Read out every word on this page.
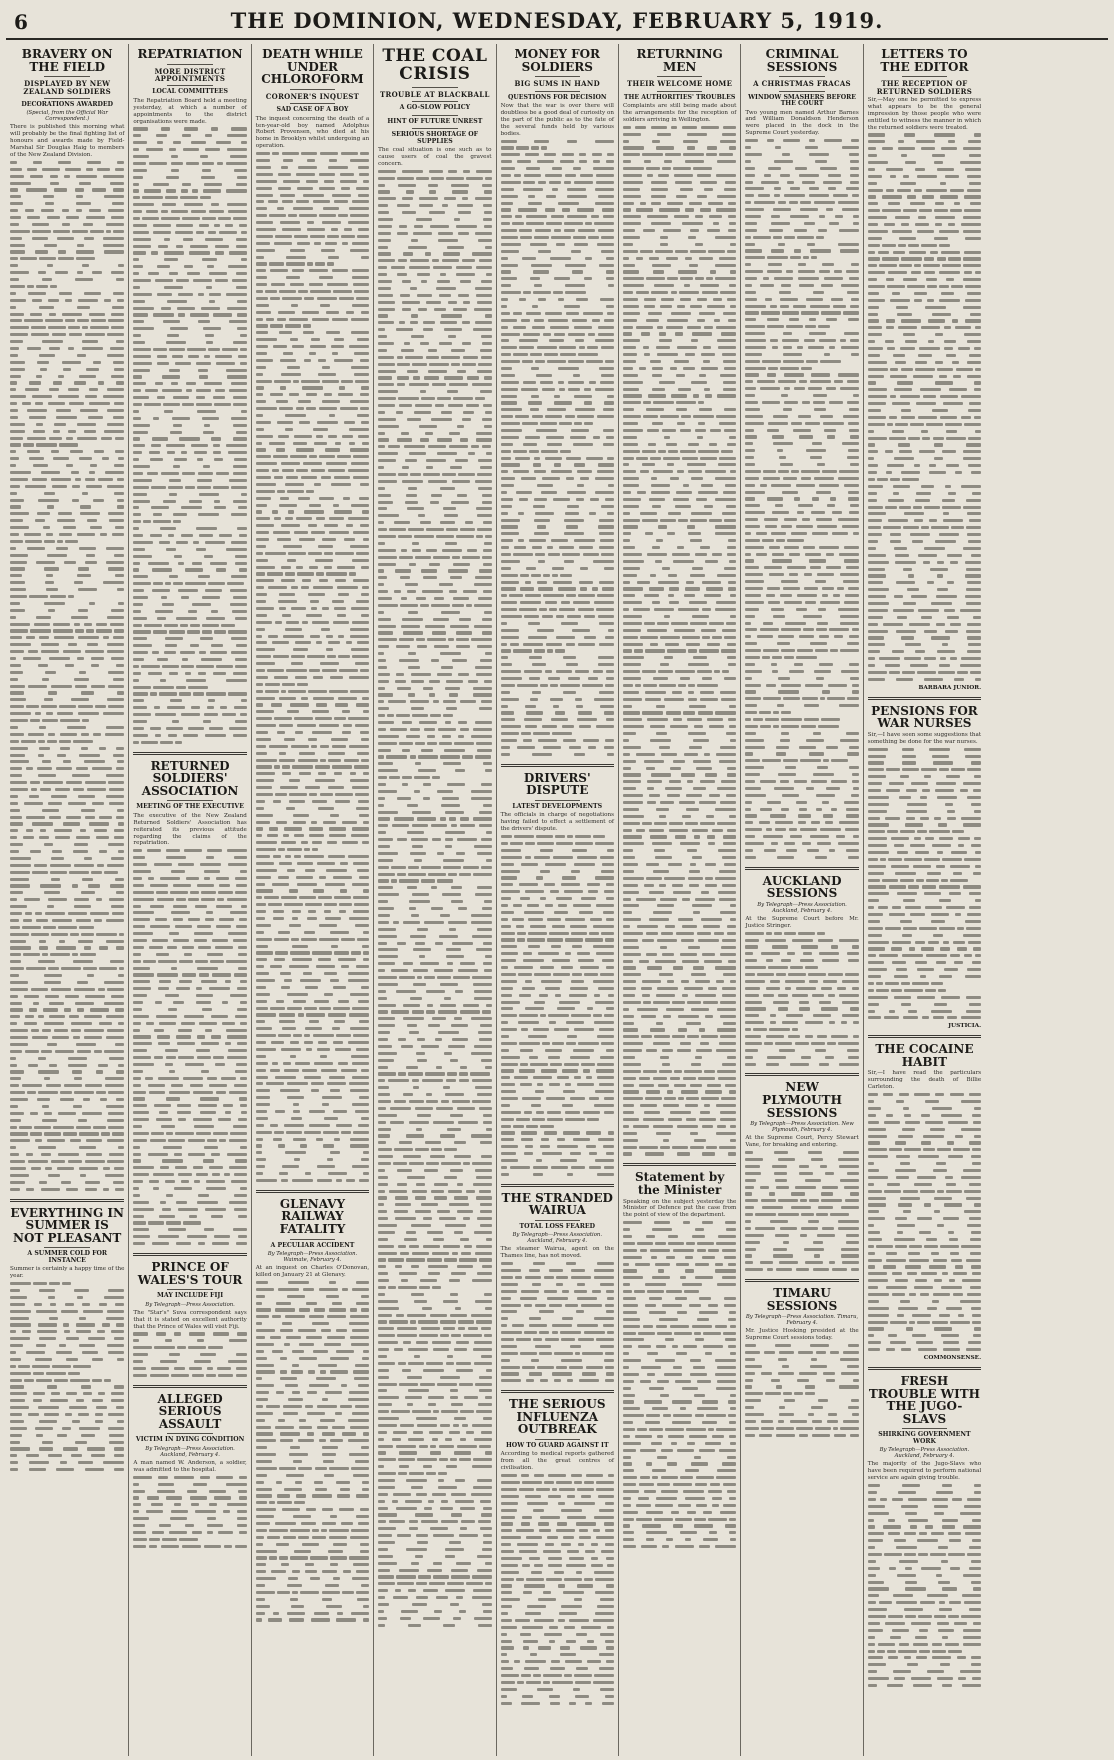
6	THE DOMINION, WEDNESDAY, FEBRUARY 5, 1919.
BRAVERY ON THE FIELD
DISPLAYED BY NEW ZEALAND SOLDIERS
DECORATIONS AWARDED
(Special, from the Official War Correspondent.)
There is published this morning what will probably be the final fighting list of honours and awards made by Field-Marshal Sir Douglas Haig to members of the New Zealand Division.
EVERYTHING IN SUMMER IS NOT PLEASANT
A SUMMER COLD FOR INSTANCE
Summer is certainly a happy time of the year.
REPATRIATION
MORE DISTRICT APPOINTMENTS
LOCAL COMMITTEES
The Repatriation Board held a meeting yesterday, at which a number of appointments to the district organisations were made.
RETURNED SOLDIERS' ASSOCIATION
MEETING OF THE EXECUTIVE
The executive of the New Zealand Returned Soldiers' Association has reiterated its previous attitude regarding the claims of the repatriation.
PRINCE OF WALES'S TOUR
MAY INCLUDE FIJI
By Telegraph—Press Association.
The "Star's" Suva correspondent says that it is stated on excellent authority that the Prince of Wales will visit Fiji.
ALLEGED SERIOUS ASSAULT
VICTIM IN DYING CONDITION
By Telegraph—Press Association. Auckland, February 4.
A man named W. Anderson, a soldier, was admitted to the hospital.
DEATH WHILE UNDER CHLOROFORM
CORONER'S INQUEST
SAD CASE OF A BOY
The inquest concerning the death of a ten-year-old boy named Adolphus Robert Provensen, who died at his home in Brooklyn whilst undergoing an operation.
GLENAVY RAILWAY FATALITY
A PECULIAR ACCIDENT
By Telegraph—Press Association. Waimate, February 4.
At an inquest on Charles O'Donovan, killed on January 21 at Glenavy.
THE COAL CRISIS
TROUBLE AT BLACKBALL
A GO-SLOW POLICY
HINT OF FUTURE UNREST
SERIOUS SHORTAGE OF SUPPLIES
The coal situation is one such as to cause users of coal the gravest concern.
MONEY FOR SOLDIERS
BIG SUMS IN HAND
QUESTIONS FOR DECISION
Now that the war is over there will doubtless be a good deal of curiosity on the part of the public as to the fate of the several funds held by various bodies.
DRIVERS' DISPUTE
LATEST DEVELOPMENTS
The officials in charge of negotiations having failed to effect a settlement of the drivers' dispute.
THE STRANDED WAIRUA
TOTAL LOSS FEARED
By Telegraph—Press Association. Auckland, February 4.
The steamer Wairua, agent on the Thames line, has not moved.
THE SERIOUS INFLUENZA OUTBREAK
HOW TO GUARD AGAINST IT
According to medical reports gathered from all the great centres of civilisation.
RETURNING MEN
THEIR WELCOME HOME
THE AUTHORITIES' TROUBLES
Complaints are still being made about the arrangements for the reception of soldiers arriving in Wellington.
Statement by the Minister
Speaking on the subject yesterday the Minister of Defence put the case from the point of view of the department.
CRIMINAL SESSIONS
A CHRISTMAS FRACAS
WINDOW SMASHERS BEFORE THE COURT
Two young men named Arthur Barnes and William Donaldson Henderson were placed in the dock in the Supreme Court yesterday.
AUCKLAND SESSIONS
By Telegraph—Press Association. Auckland, February 4.
At the Supreme Court before Mr. Justice Stringer.
NEW PLYMOUTH SESSIONS
By Telegraph—Press Association. New Plymouth, February 4.
At the Supreme Court, Percy Stewart Vane, for breaking and entering.
TIMARU SESSIONS
By Telegraph—Press Association. Timaru, February 4.
Mr. Justice Hosking presided at the Supreme Court sessions today.
LETTERS TO THE EDITOR
THE RECEPTION OF RETURNED SOLDIERS
Sir,—May one be permitted to express what appears to be the general impression by those people who were entitled to witness the manner in which the returned soldiers were treated.
BARBARA JUNIOR.
PENSIONS FOR WAR NURSES
Sir,—I have seen some suggestions that something be done for the war nurses.
JUSTICIA.
THE COCAINE HABIT
Sir,—I have read the particulars surrounding the death of Billie Carleton.
COMMONSENSE.
FRESH TROUBLE WITH THE JUGO-SLAVS
SHIRKING GOVERNMENT WORK
By Telegraph—Press Association. Auckland, February 4.
The majority of the Jugo-Slavs who have been required to perform national service are again giving trouble.
